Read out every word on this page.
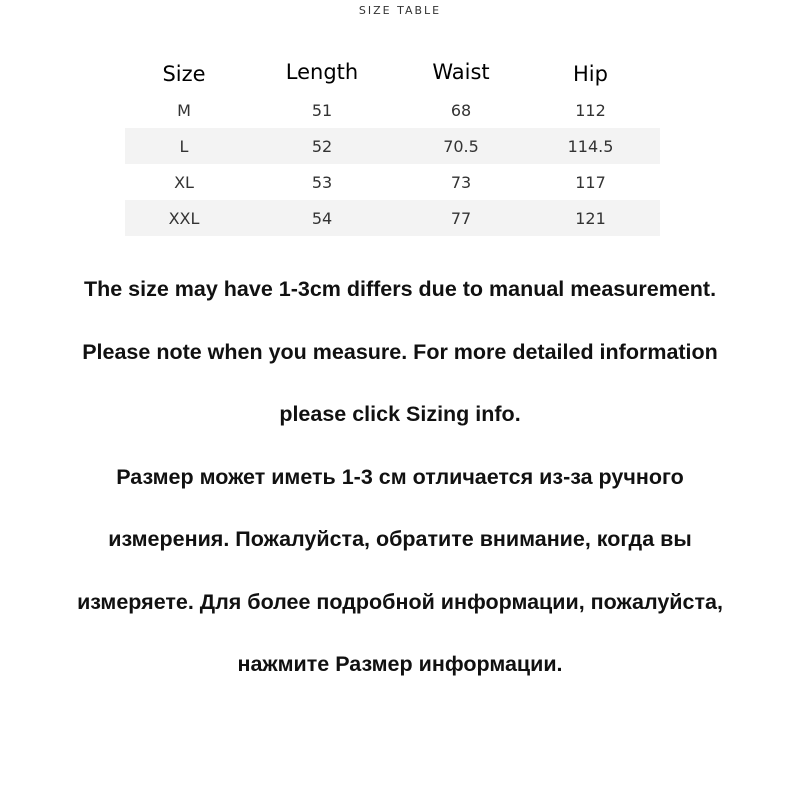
SIZE TABLE
Size	Length	Waist	Hip
M	51	68	112
L	52	70.5	114.5
XL	53	73	117
XXL	54	77	121
The size may have 1-3cm differs due to manual measurement.
Please note when you measure. For more detailed information
please click Sizing info.
Размер может иметь 1-3 см отличается из-за ручного
измерения. Пожалуйста, обратите внимание, когда вы
измеряете. Для более подробной информации, пожалуйста,
нажмите Размер информации.
